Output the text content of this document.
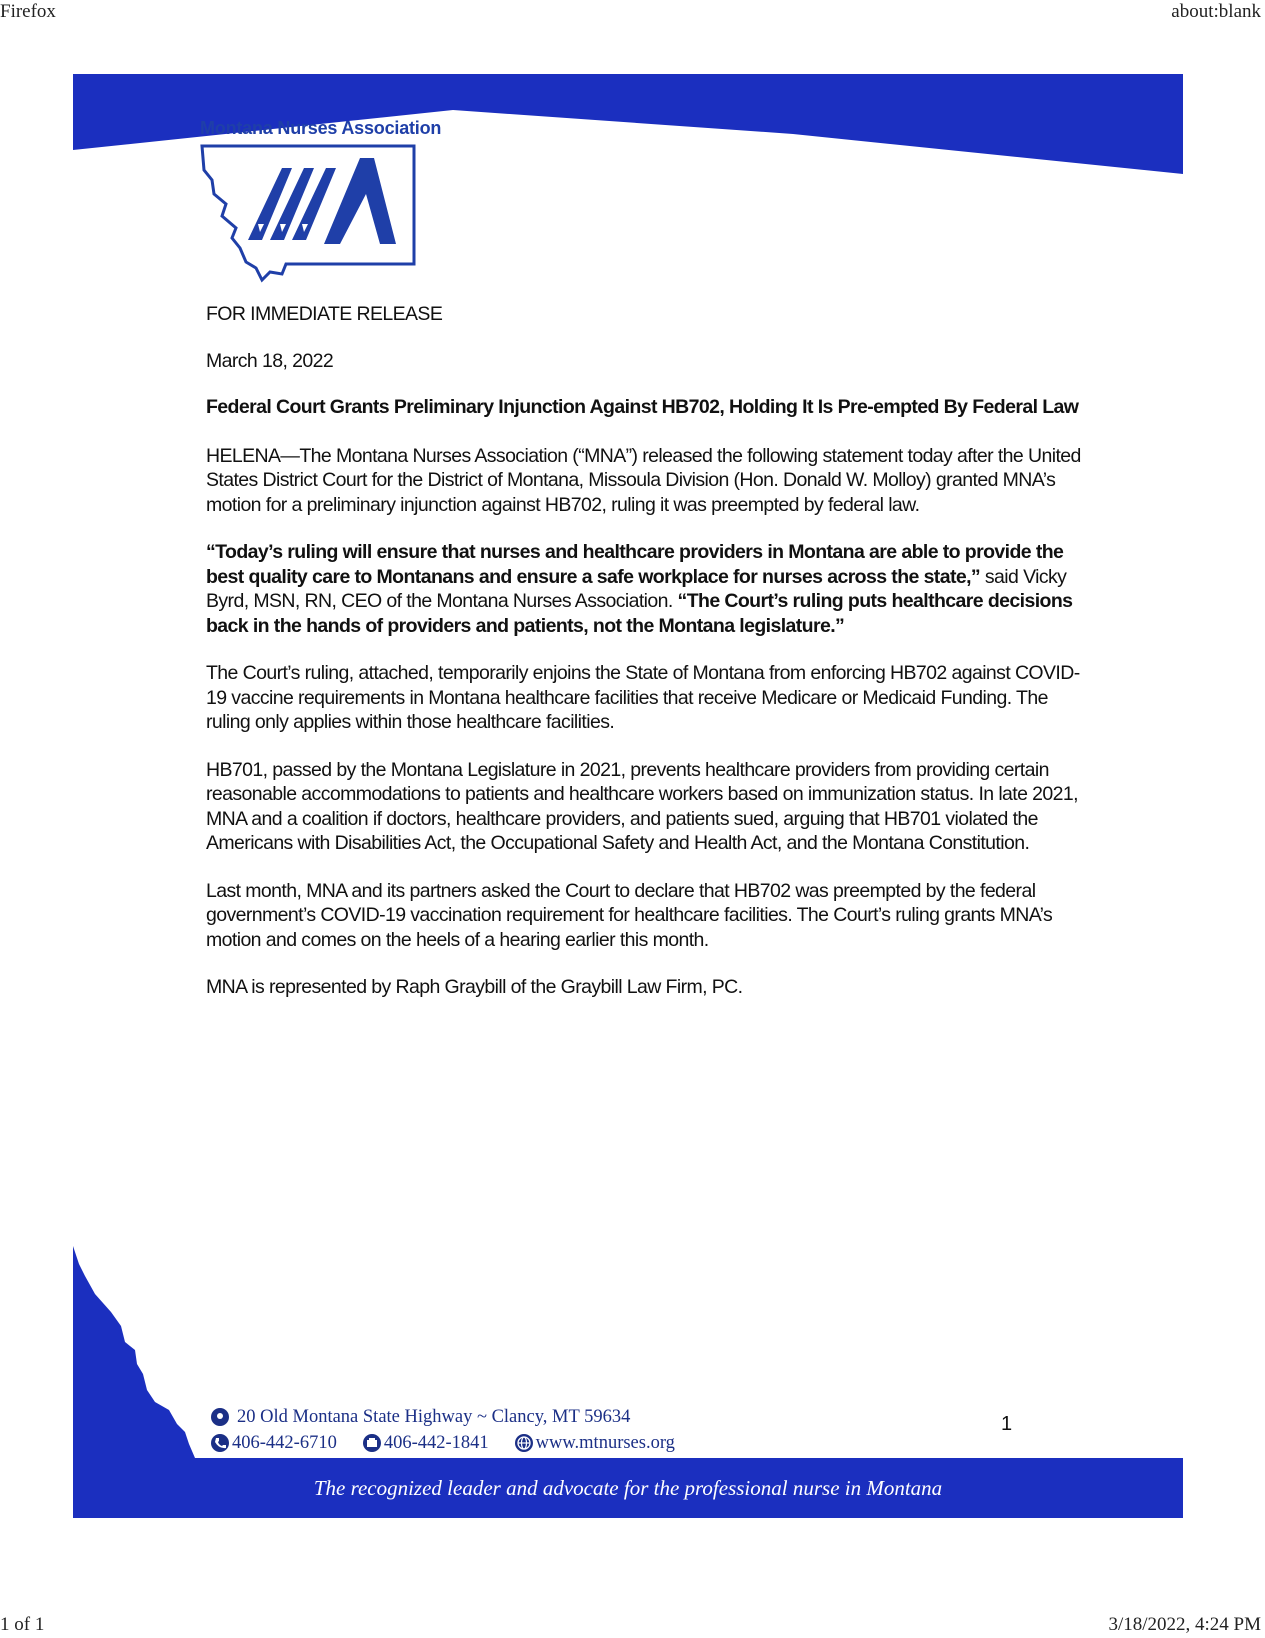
Firefox	about:blank
Montana Nurses Association

FOR IMMEDIATE RELEASE

March 18, 2022

Federal Court Grants Preliminary Injunction Against HB702, Holding It Is Pre-empted By Federal Law

HELENA—The Montana Nurses Association (“MNA”) released the following statement today after the United States District Court for the District of Montana, Missoula Division (Hon. Donald W. Molloy) granted MNA’s motion for a preliminary injunction against HB702, ruling it was preempted by federal law.

“Today’s ruling will ensure that nurses and healthcare providers in Montana are able to provide the best quality care to Montanans and ensure a safe workplace for nurses across the state,” said Vicky Byrd, MSN, RN, CEO of the Montana Nurses Association. “The Court’s ruling puts healthcare decisions back in the hands of providers and patients, not the Montana legislature.”

The Court’s ruling, attached, temporarily enjoins the State of Montana from enforcing HB702 against COVID-19 vaccine requirements in Montana healthcare facilities that receive Medicare or Medicaid Funding. The ruling only applies within those healthcare facilities.

HB701, passed by the Montana Legislature in 2021, prevents healthcare providers from providing certain reasonable accommodations to patients and healthcare workers based on immunization status. In late 2021, MNA and a coalition if doctors, healthcare providers, and patients sued, arguing that HB701 violated the Americans with Disabilities Act, the Occupational Safety and Health Act, and the Montana Constitution.

Last month, MNA and its partners asked the Court to declare that HB702 was preempted by the federal government’s COVID-19 vaccination requirement for healthcare facilities. The Court’s ruling grants MNA’s motion and comes on the heels of a hearing earlier this month.

MNA is represented by Raph Graybill of the Graybill Law Firm, PC.

20 Old Montana State Highway ~ Clancy, MT 59634
406-442-6710	406-442-1841	www.mtnurses.org
1
The recognized leader and advocate for the professional nurse in Montana
1 of 1	3/18/2022, 4:24 PM
